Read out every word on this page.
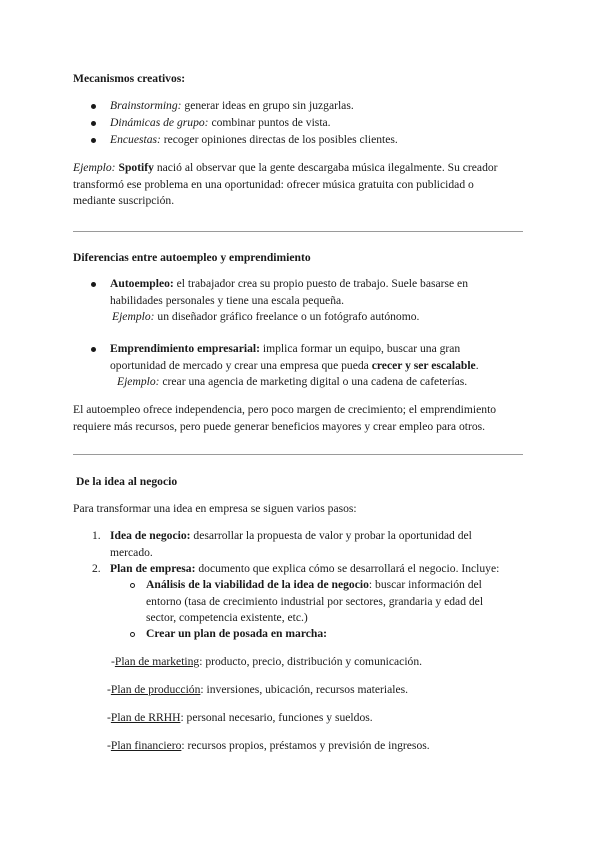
Mecanismos creativos:
Brainstorming: generar ideas en grupo sin juzgarlas.
Dinámicas de grupo: combinar puntos de vista.
Encuestas: recoger opiniones directas de los posibles clientes.
Ejemplo: Spotify nació al observar que la gente descargaba música ilegalmente. Su creador
transformó ese problema en una oportunidad: ofrecer música gratuita con publicidad o
mediante suscripción.
Diferencias entre autoempleo y emprendimiento
Autoempleo: el trabajador crea su propio puesto de trabajo. Suele basarse en
habilidades personales y tiene una escala pequeña.
Ejemplo: un diseñador gráfico freelance o un fotógrafo autónomo.
Emprendimiento empresarial: implica formar un equipo, buscar una gran
oportunidad de mercado y crear una empresa que pueda crecer y ser escalable.
Ejemplo: crear una agencia de marketing digital o una cadena de cafeterías.
El autoempleo ofrece independencia, pero poco margen de crecimiento; el emprendimiento
requiere más recursos, pero puede generar beneficios mayores y crear empleo para otros.
De la idea al negocio
Para transformar una idea en empresa se siguen varios pasos:
1. Idea de negocio: desarrollar la propuesta de valor y probar la oportunidad del
mercado.
2. Plan de empresa: documento que explica cómo se desarrollará el negocio. Incluye:
Análisis de la viabilidad de la idea de negocio: buscar información del
entorno (tasa de crecimiento industrial por sectores, grandaria y edad del
sector, competencia existente, etc.)
Crear un plan de posada en marcha:
-Plan de marketing: producto, precio, distribución y comunicación.
-Plan de producción: inversiones, ubicación, recursos materiales.
-Plan de RRHH: personal necesario, funciones y sueldos.
-Plan financiero: recursos propios, préstamos y previsión de ingresos.
